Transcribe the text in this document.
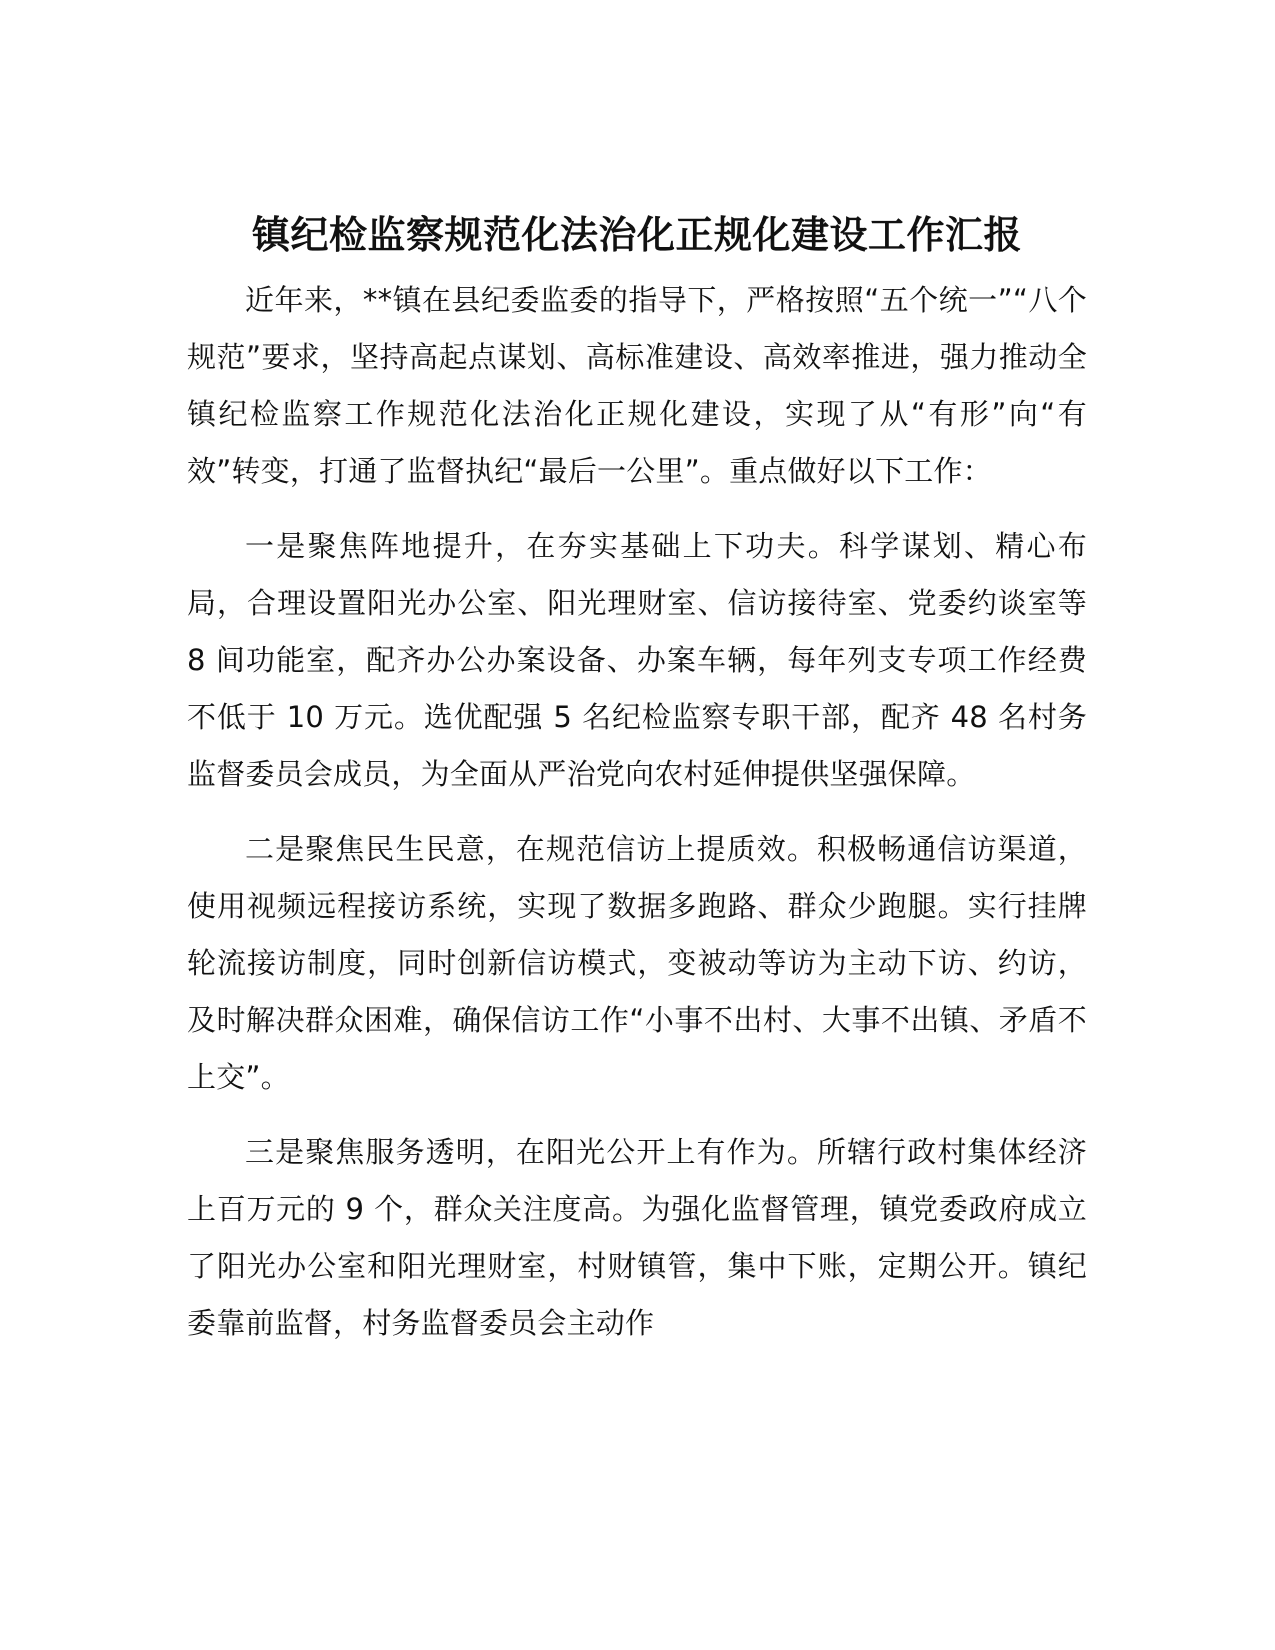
镇纪检监察规范化法治化正规化建设工作汇报

近年来，**镇在县纪委监委的指导下，严格按照“五个统一”“八个规范”要求，坚持高起点谋划、高标准建设、高效率推进，强力推动全镇纪检监察工作规范化法治化正规化建设，实现了从“有形”向“有效”转变，打通了监督执纪“最后一公里”。重点做好以下工作：

一是聚焦阵地提升，在夯实基础上下功夫。科学谋划、精心布局，合理设置阳光办公室、阳光理财室、信访接待室、党委约谈室等 8 间功能室，配齐办公办案设备、办案车辆，每年列支专项工作经费不低于 10 万元。选优配强 5 名纪检监察专职干部，配齐 48 名村务监督委员会成员，为全面从严治党向农村延伸提供坚强保障。

二是聚焦民生民意，在规范信访上提质效。积极畅通信访渠道，使用视频远程接访系统，实现了数据多跑路、群众少跑腿。实行挂牌轮流接访制度，同时创新信访模式，变被动等访为主动下访、约访，及时解决群众困难，确保信访工作“小事不出村、大事不出镇、矛盾不上交”。

三是聚焦服务透明，在阳光公开上有作为。所辖行政村集体经济上百万元的 9 个，群众关注度高。为强化监督管理，镇党委政府成立了阳光办公室和阳光理财室，村财镇管，集中下账，定期公开。镇纪委靠前监督，村务监督委员会主动作
